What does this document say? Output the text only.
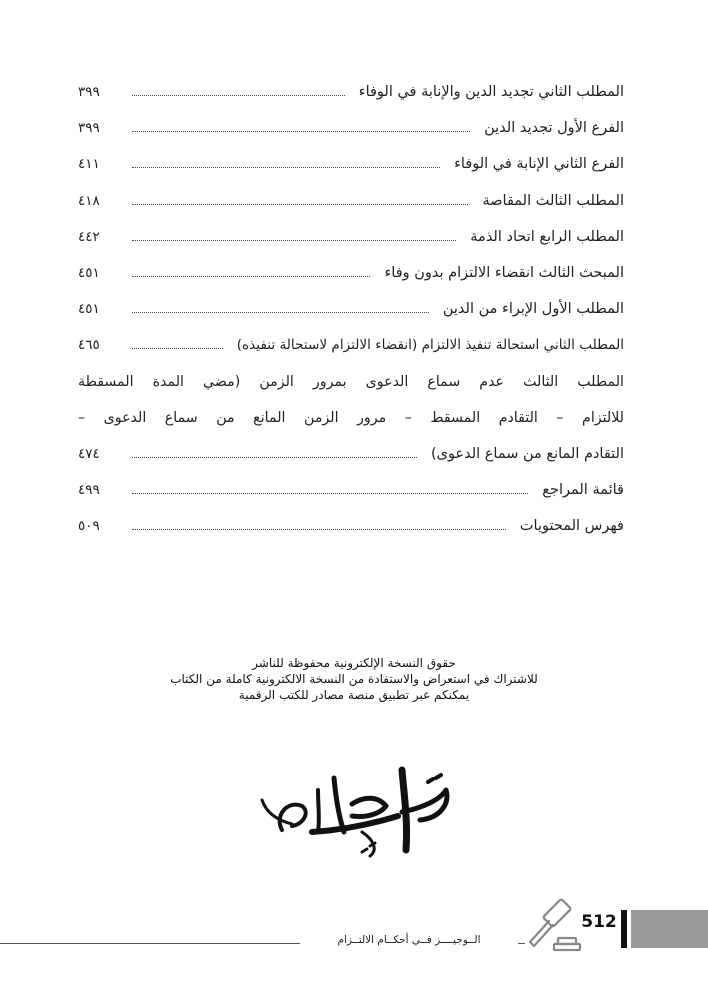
المطلب الثاني تجديد الدين والإنابة في الوفاء
٣٩٩
الفرع الأول تجديد الدين
٣٩٩
الفرع الثاني الإنابة في الوفاء
٤١١
المطلب الثالث المقاصة
٤١٨
المطلب الرابع اتحاد الذمة
٤٤٢
المبحث الثالث انقضاء الالتزام بدون وفاء
٤٥١
المطلب الأول الإبراء من الدين
٤٥١
المطلب الثاني استحالة تنفيذ الالتزام (انقضاء الالتزام لاستحالة تنفيذه)
٤٦٥
المطلب الثالث عدم سماع الدعوى بمرور الزمن (مضي المدة المسقطة
للالتزام – التقادم المسقط – مرور الزمن المانع من سماع الدعوى –
التقادم المانع من سماع الدعوى)
٤٧٤
قائمة المراجع
٤٩٩
فهرس المحتويات
٥٠٩
حقوق النسخة الإلكترونية محفوظة للناشر
للاشتراك في استعراض والاستفادة من النسخة الالكترونية كاملة من الكتاب
يمكنكم عبر تطبيق منصة مصادر للكتب الرقمية
الــوجيــــز فــي أحكــام الالتــزام
512
